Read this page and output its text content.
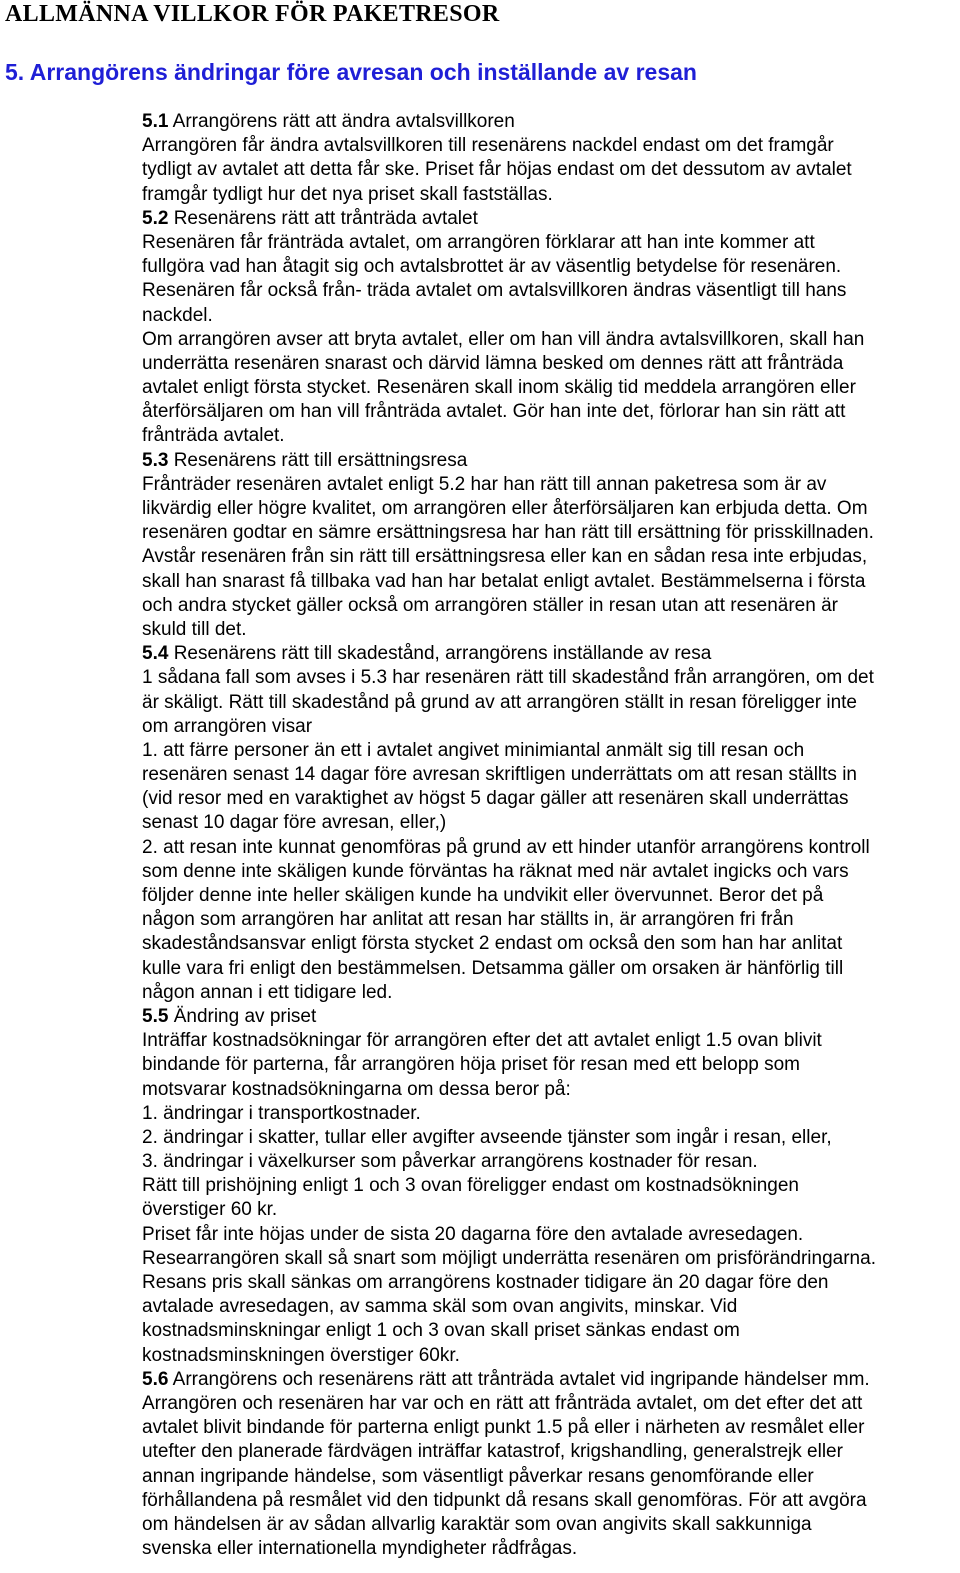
ALLMÄNNA VILLKOR FÖR PAKETRESOR
5. Arrangörens ändringar före avresan och inställande av resan
5.1 Arrangörens rätt att ändra avtalsvillkoren
Arrangören får ändra avtalsvillkoren till resenärens nackdel endast om det framgår
tydligt av avtalet att detta får ske. Priset får höjas endast om det dessutom av avtalet
framgår tydligt hur det nya priset skall fastställas.
5.2 Resenärens rätt att trånträda avtalet
Resenären får fränträda avtalet, om arrangören förklarar att han inte kommer att
fullgöra vad han åtagit sig och avtalsbrottet är av väsentlig betydelse för resenären.
Resenären får också från- träda avtalet om avtalsvillkoren ändras väsentligt till hans
nackdel.
Om arrangören avser att bryta avtalet, eller om han vill ändra avtalsvillkoren, skall han
underrätta resenären snarast och därvid lämna besked om dennes rätt att frånträda
avtalet enligt första stycket. Resenären skall inom skälig tid meddela arrangören eller
återförsäljaren om han vill frånträda avtalet. Gör han inte det, förlorar han sin rätt att
frånträda avtalet.
5.3 Resenärens rätt till ersättningsresa
Frånträder resenären avtalet enligt 5.2 har han rätt till annan paketresa som är av
likvärdig eller högre kvalitet, om arrangören eller återförsäljaren kan erbjuda detta. Om
resenären godtar en sämre ersättningsresa har han rätt till ersättning för prisskillnaden.
Avstår resenären från sin rätt till ersättningsresa eller kan en sådan resa inte erbjudas,
skall han snarast få tillbaka vad han har betalat enligt avtalet. Bestämmelserna i första
och andra stycket gäller också om arrangören ställer in resan utan att resenären är
skuld till det.
5.4 Resenärens rätt till skadestånd, arrangörens inställande av resa
1 sådana fall som avses i 5.3 har resenären rätt till skadestånd från arrangören, om det
är skäligt. Rätt till skadestånd på grund av att arrangören ställt in resan föreligger inte
om arrangören visar
1. att färre personer än ett i avtalet angivet minimiantal anmält sig till resan och
resenären senast 14 dagar före avresan skriftligen underrättats om att resan ställts in
(vid resor med en varaktighet av högst 5 dagar gäller att resenären skall underrättas
senast 10 dagar före avresan, eller,)
2. att resan inte kunnat genomföras på grund av ett hinder utanför arrangörens kontroll
som denne inte skäligen kunde förväntas ha räknat med när avtalet ingicks och vars
följder denne inte heller skäligen kunde ha undvikit eller övervunnet. Beror det på
någon som arrangören har anlitat att resan har ställts in, är arrangören fri från
skadeståndsansvar enligt första stycket 2 endast om också den som han har anlitat
kulle vara fri enligt den bestämmelsen. Detsamma gäller om orsaken är hänförlig till
någon annan i ett tidigare led.
5.5 Ändring av priset
Inträffar kostnadsökningar för arrangören efter det att avtalet enligt 1.5 ovan blivit
bindande för parterna, får arrangören höja priset för resan med ett belopp som
motsvarar kostnadsökningarna om dessa beror på:
1. ändringar i transportkostnader.
2. ändringar i skatter, tullar eller avgifter avseende tjänster som ingår i resan, eller,
3. ändringar i växelkurser som påverkar arrangörens kostnader för resan.
Rätt till prishöjning enligt 1 och 3 ovan föreligger endast om kostnadsökningen
överstiger 60 kr.
Priset får inte höjas under de sista 20 dagarna före den avtalade avresedagen.
Researrangören skall så snart som möjligt underrätta resenären om prisförändringarna.
Resans pris skall sänkas om arrangörens kostnader tidigare än 20 dagar före den
avtalade avresedagen, av samma skäl som ovan angivits, minskar. Vid
kostnadsminskningar enligt 1 och 3 ovan skall priset sänkas endast om
kostnadsminskningen överstiger 60kr.
5.6 Arrangörens och resenärens rätt att trånträda avtalet vid ingripande händelser mm.
Arrangören och resenären har var och en rätt att frånträda avtalet, om det efter det att
avtalet blivit bindande för parterna enligt punkt 1.5 på eller i närheten av resmålet eller
utefter den planerade färdvägen inträffar katastrof, krigshandling, generalstrejk eller
annan ingripande händelse, som väsentligt påverkar resans genomförande eller
förhållandena på resmålet vid den tidpunkt då resans skall genomföras. För att avgöra
om händelsen är av sådan allvarlig karaktär som ovan angivits skall sakkunniga
svenska eller internationella myndigheter rådfrågas.
